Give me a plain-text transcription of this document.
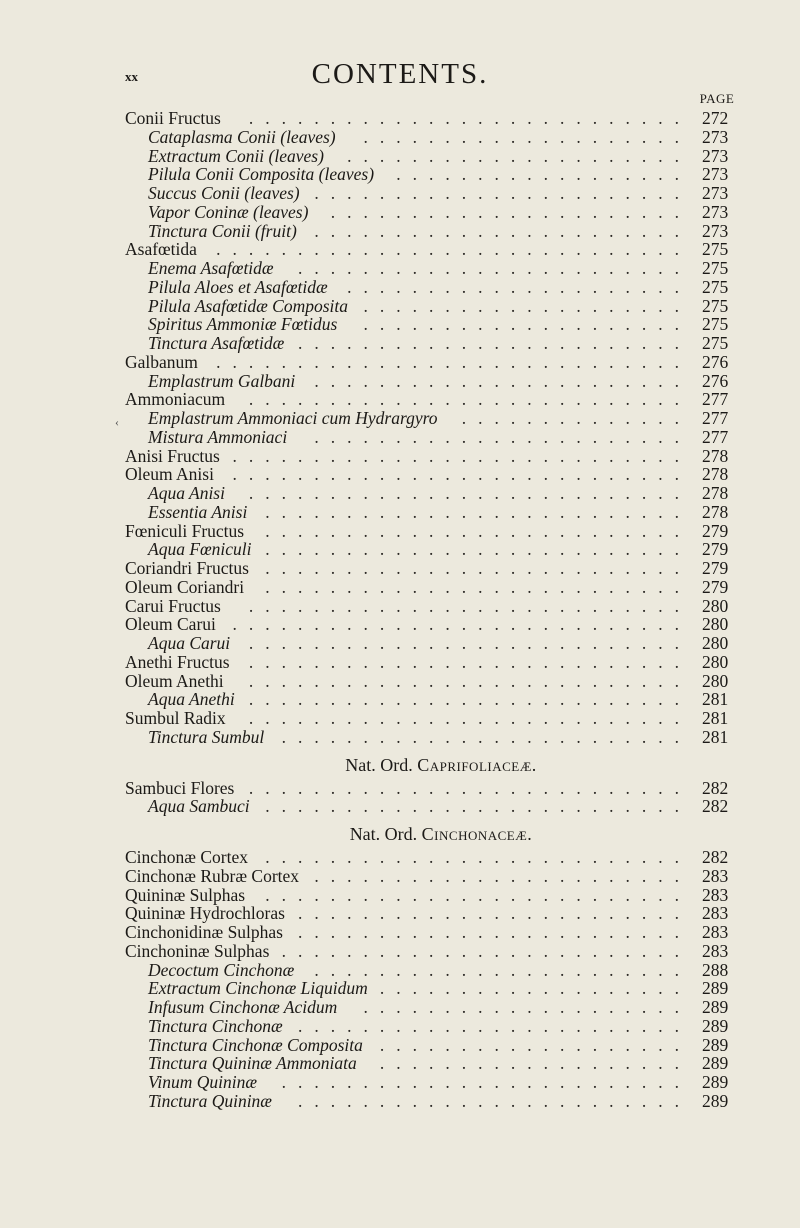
xx	CONTENTS.
PAGE
‹
Conii Fructus ........................... 272
Cataplasma Conii (leaves) .................... 273
Extractum Conii (leaves) ..................... 273
Pilula Conii Composita (leaves) .................. 273
Succus Conii (leaves) ....................... 273
Vapor Coninæ (leaves) ...................... 273
Tinctura Conii (fruit) ....................... 273
Asafœtida ............................. 275
Enema Asafœtidæ ........................ 275
Pilula Aloes et Asafœtidæ ..................... 275
Pilula Asafœtidæ Composita .................... 275
Spiritus Ammoniæ Fœtidus .................... 275
Tinctura Asafœtidæ ........................ 275
Galbanum ............................. 276
Emplastrum Galbani ....................... 276
Ammoniacum ........................... 277
Emplastrum Ammoniaci cum Hydrargyro .............. 277
Mistura Ammoniaci ....................... 277
Anisi Fructus ............................ 278
Oleum Anisi ............................ 278
Aqua Anisi ........................... 278
Essentia Anisi .......................... 278
Fœniculi Fructus .......................... 279
Aqua Fœniculi .......................... 279
Coriandri Fructus .......................... 279
Oleum Coriandri .......................... 279
Carui Fructus ........................... 280
Oleum Carui ............................ 280
Aqua Carui ........................... 280
Anethi Fructus ........................... 280
Oleum Anethi ........................... 280
Aqua Anethi ........................... 281
Sumbul Radix ........................... 281
Tinctura Sumbul ......................... 281
Nat. Ord. Caprifoliaceæ.
Sambuci Flores ........................... 282
Aqua Sambuci .......................... 282
Nat. Ord. Cinchonaceæ.
Cinchonæ Cortex .......................... 282
Cinchonæ Rubræ Cortex ....................... 283
Quininæ Sulphas .......................... 283
Quininæ Hydrochloras ........................ 283
Cinchonidinæ Sulphas ........................ 283
Cinchoninæ Sulphas ......................... 283
Decoctum Cinchonæ ....................... 288
Extractum Cinchonæ Liquidum ................... 289
Infusum Cinchonæ Acidum .................... 289
Tinctura Cinchonæ ........................ 289
Tinctura Cinchonæ Composita ................... 289
Tinctura Quininæ Ammoniata ................... 289
Vinum Quininæ ......................... 289
Tinctura Quininæ ........................ 289
